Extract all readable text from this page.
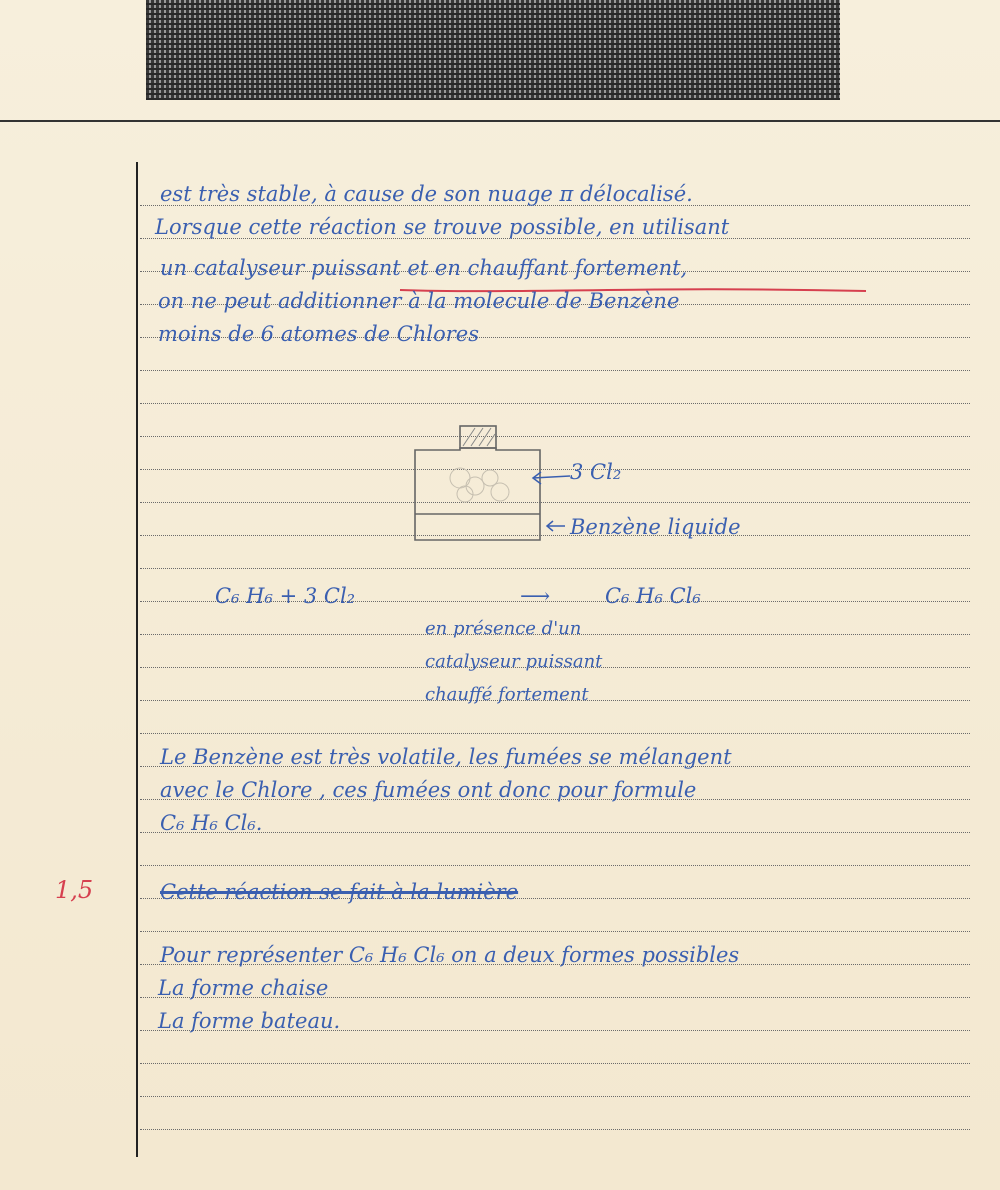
est très stable, à cause de son nuage π délocalisé.
Lorsque cette réaction se trouve possible, en utilisant
un catalyseur puissant et en chauffant fortement,
on ne peut additionner à la molecule de Benzène
moins de 6 atomes de Chlores
3 Cl₂
Benzène liquide
C₆ H₆ + 3 Cl₂	⟶	C₆ H₆ Cl₆
en présence d'un
catalyseur puissant
chauffé fortement
Le Benzène est très volatile, les fumées se mélangent
avec le Chlore , ces fumées ont donc pour formule
C₆ H₆ Cl₆.
1,5	Cette réaction se fait à la lumière
Pour représenter C₆ H₆ Cl₆ on a deux formes possibles
La forme chaise
La forme bateau.
